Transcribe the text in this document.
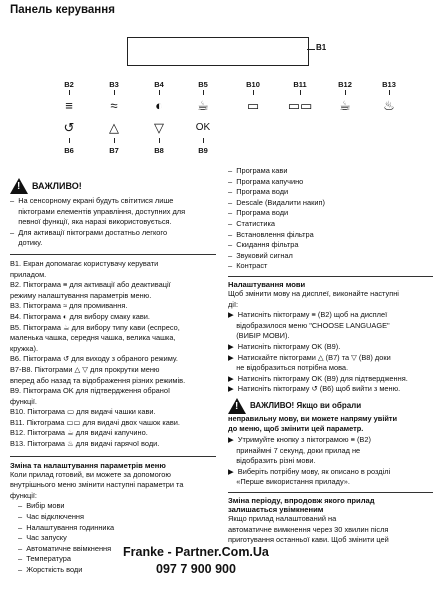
Панель керування
B1
B2
≡
B3
≈
B4
◐
B5
☕
B10
▭
B11
▭▭
B12
☕
B13
♨
↺
B6
△
B7
▽
B8
OK
B9
!
ВАЖЛИВО!
–  На сенсорному екрані будуть світитися лише
піктограми елементів управління, доступних для
певної функції, яка наразі використовується.
–  Для активації піктограми достатньо легкого
дотику.
B1. Екран допомагає користувачу керувати
приладом.
B2. Піктограма ≡ для активації або деактивації
режиму налаштування параметрів меню.
B3. Піктограма ≈ для промивання.
B4. Піктограма ◐ для вибору смаку кави.
B5. Піктограма ☕ для вибору типу кави (еспресо,
маленька чашка, середня чашка, велика чашка,
кружка).
B6. Піктограма ↺ для виходу з обраного режиму.
B7-B8. Піктограми △ ▽ для прокрутки меню
вперед або назад та відображення різних режимів.
B9. Піктограма OK для підтвердження обраної
функції.
B10. Піктограма ▭ для видачі чашки кави.
B11. Піктограма ▭▭ для видачі двох чашок кави.
B12. Піктограма ☕ для видачі капучино.
B13. Піктограма ♨ для видачі гарячої води.
Зміна та налаштування параметрів меню
Коли прилад готовий, ви можете за допомогою
внутрішнього меню змінити наступні параметри та
функції:
–  Вибір мови
–  Час відключення
–  Налаштування годинника
–  Час запуску
–  Автоматичне ввімкнення
–  Температура
–  Жорсткість води
–  Програма кави
–  Програма капучино
–  Програма води
–  Descale (Видалити накип)
–  Програма води
–  Статистика
–  Встановлення фільтра
–  Скидання фільтра
–  Звуковий сигнал
–  Контраст
Налаштування мови
Щоб змінити мову на дисплеї, виконайте наступні
дії:
▶  Натисніть піктограму ≡ (B2) щоб на дисплеї
відобразилося меню "CHOOSE LANGUAGE"
(ВИБІР МОВИ).
▶  Натисніть піктограму OK (B9).
▶  Натискайте піктограми △ (B7) та ▽ (B8) доки
не відобразиться потрібна мова.
▶  Натисніть піктограму OK (B9) для підтвердження.
▶  Натисніть піктограму ↺ (B6) щоб вийти з меню.
!
ВАЖЛИВО! Якщо ви обрали
неправильну мову, ви можете напряму увійти
до меню, щоб змінити цей параметр.
▶  Утримуйте кнопку з піктограмою ≡ (B2)
принаймні 7 секунд, доки прилад не
відобразить різні мови.
▶  Виберіть потрібну мову, як описано в розділі
«Перше використання приладу».
Зміна періоду, впродовж якого прилад
залишається увімкненим
Якщо прилад налаштований на
автоматичне вимкнення через 30 хвилин після
приготування останньої кави. Щоб змінити цей
Franke - Partner.Com.Ua
097 7 900 900
